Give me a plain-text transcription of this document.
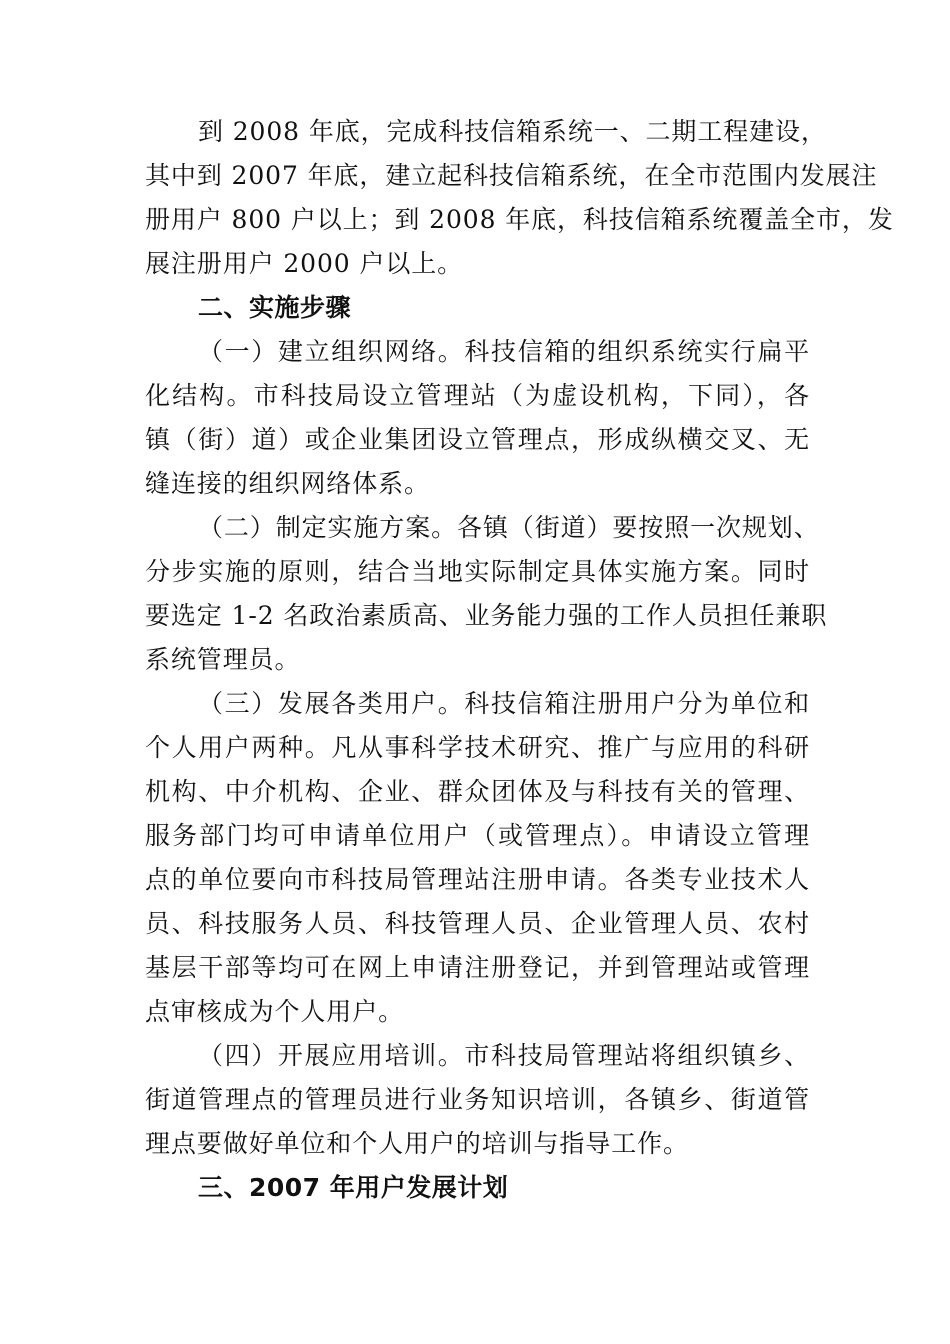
到 2008 年底，完成科技信箱系统一、二期工程建设，

其中到 2007 年底，建立起科技信箱系统，在全市范围内发展注

册用户 800 户以上；到 2008 年底，科技信箱系统覆盖全市，发

展注册用户 2000 户以上。

二、实施步骤

（一）建立组织网络。科技信箱的组织系统实行扁平

化结构。市科技局设立管理站（为虚设机构，下同），各

镇（街）道）或企业集团设立管理点，形成纵横交叉、无

缝连接的组织网络体系。

（二）制定实施方案。各镇（街道）要按照一次规划、

分步实施的原则，结合当地实际制定具体实施方案。同时

要选定 1-2 名政治素质高、业务能力强的工作人员担任兼职

系统管理员。

（三）发展各类用户。科技信箱注册用户分为单位和

个人用户两种。凡从事科学技术研究、推广与应用的科研

机构、中介机构、企业、群众团体及与科技有关的管理、

服务部门均可申请单位用户（或管理点）。申请设立管理

点的单位要向市科技局管理站注册申请。各类专业技术人

员、科技服务人员、科技管理人员、企业管理人员、农村

基层干部等均可在网上申请注册登记，并到管理站或管理

点审核成为个人用户。

（四）开展应用培训。市科技局管理站将组织镇乡、

街道管理点的管理员进行业务知识培训，各镇乡、街道管

理点要做好单位和个人用户的培训与指导工作。

三、2007 年用户发展计划
